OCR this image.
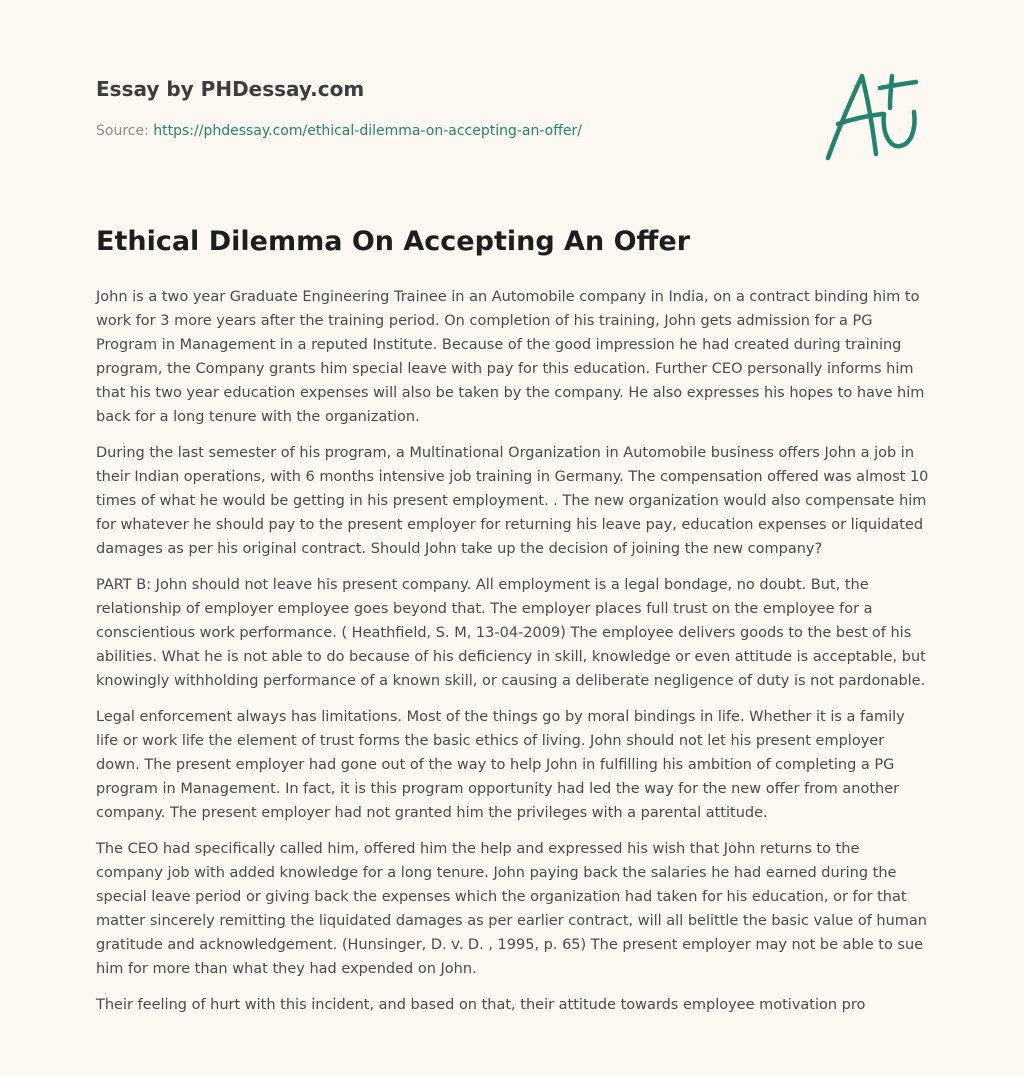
Essay by PHDessay.com
Source: https://phdessay.com/ethical-dilemma-on-accepting-an-offer/
Ethical Dilemma On Accepting An Offer

John is a two year Graduate Engineering Trainee in an Automobile company in India, on a contract binding him to work for 3 more years after the training period. On completion of his training, John gets admission for a PG Program in Management in a reputed Institute. Because of the good impression he had created during training program, the Company grants him special leave with pay for this education. Further CEO personally informs him that his two year education expenses will also be taken by the company. He also expresses his hopes to have him back for a long tenure with the organization.

During the last semester of his program, a Multinational Organization in Automobile business offers John a job in their Indian operations, with 6 months intensive job training in Germany. The compensation offered was almost 10 times of what he would be getting in his present employment. . The new organization would also compensate him for whatever he should pay to the present employer for returning his leave pay, education expenses or liquidated damages as per his original contract. Should John take up the decision of joining the new company?

PART B: John should not leave his present company. All employment is a legal bondage, no doubt. But, the relationship of employer employee goes beyond that. The employer places full trust on the employee for a conscientious work performance. ( Heathfield, S. M, 13-04-2009) The employee delivers goods to the best of his abilities. What he is not able to do because of his deficiency in skill, knowledge or even attitude is acceptable, but knowingly withholding performance of a known skill, or causing a deliberate negligence of duty is not pardonable.

Legal enforcement always has limitations. Most of the things go by moral bindings in life. Whether it is a family life or work life the element of trust forms the basic ethics of living. John should not let his present employer down. The present employer had gone out of the way to help John in fulfilling his ambition of completing a PG program in Management. In fact, it is this program opportunity had led the way for the new offer from another company. The present employer had not granted him the privileges with a parental attitude.

The CEO had specifically called him, offered him the help and expressed his wish that John returns to the company job with added knowledge for a long tenure. John paying back the salaries he had earned during the special leave period or giving back the expenses which the organization had taken for his education, or for that matter sincerely remitting the liquidated damages as per earlier contract, will all belittle the basic value of human gratitude and acknowledgement. (Hunsinger, D. v. D. , 1995, p. 65) The present employer may not be able to sue him for more than what they had expended on John.

Their feeling of hurt with this incident, and based on that, their attitude towards employee motivation pro
